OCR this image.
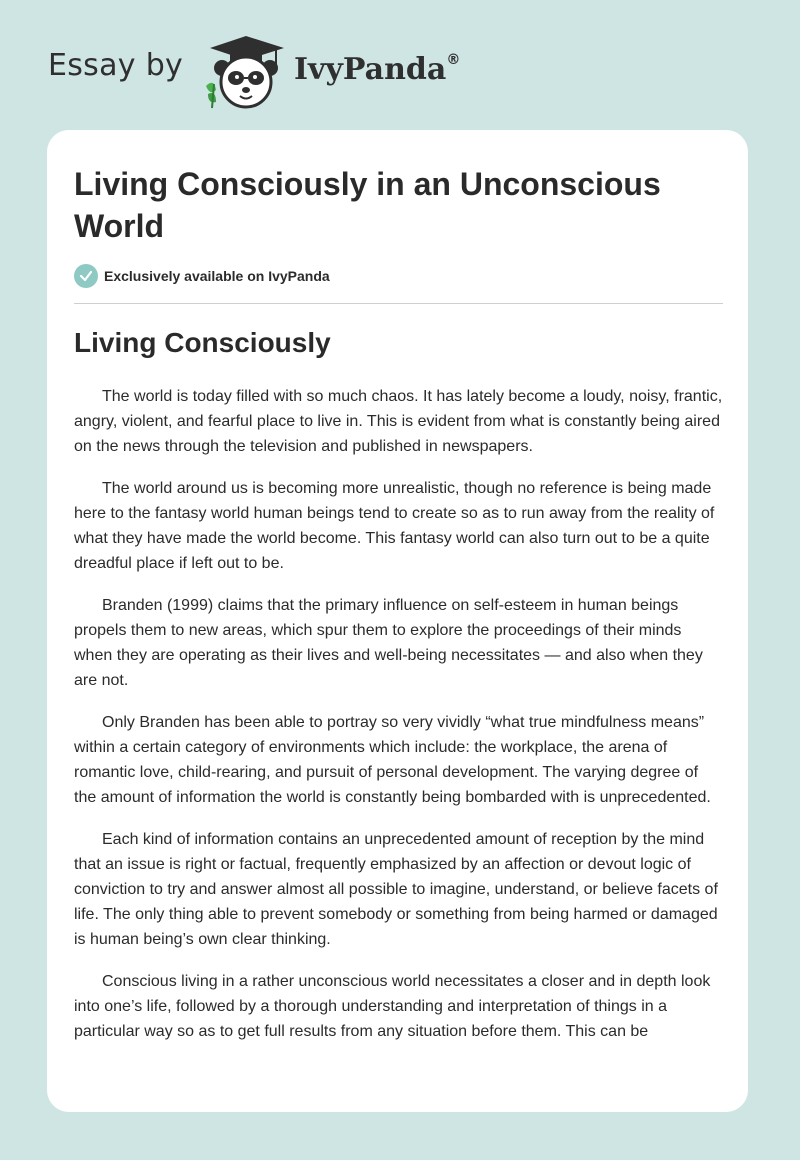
Essay by	IvyPanda®
Living Consciously in an Unconscious World
Exclusively available on IvyPanda
Living Consciously

The world is today filled with so much chaos. It has lately become a loudy, noisy, frantic, angry, violent, and fearful place to live in. This is evident from what is constantly being aired on the news through the television and published in newspapers.

The world around us is becoming more unrealistic, though no reference is being made here to the fantasy world human beings tend to create so as to run away from the reality of what they have made the world become. This fantasy world can also turn out to be a quite dreadful place if left out to be.

Branden (1999) claims that the primary influence on self-esteem in human beings propels them to new areas, which spur them to explore the proceedings of their minds when they are operating as their lives and well-being necessitates — and also when they are not.

Only Branden has been able to portray so very vividly “what true mindfulness means” within a certain category of environments which include: the workplace, the arena of romantic love, child-rearing, and pursuit of personal development. The varying degree of the amount of information the world is constantly being bombarded with is unprecedented.

Each kind of information contains an unprecedented amount of reception by the mind that an issue is right or factual, frequently emphasized by an affection or devout logic of conviction to try and answer almost all possible to imagine, understand, or believe facets of life. The only thing able to prevent somebody or something from being harmed or damaged is human being’s own clear thinking.

Conscious living in a rather unconscious world necessitates a closer and in depth look into one’s life, followed by a thorough understanding and interpretation of things in a particular way so as to get full results from any situation before them. This can be
